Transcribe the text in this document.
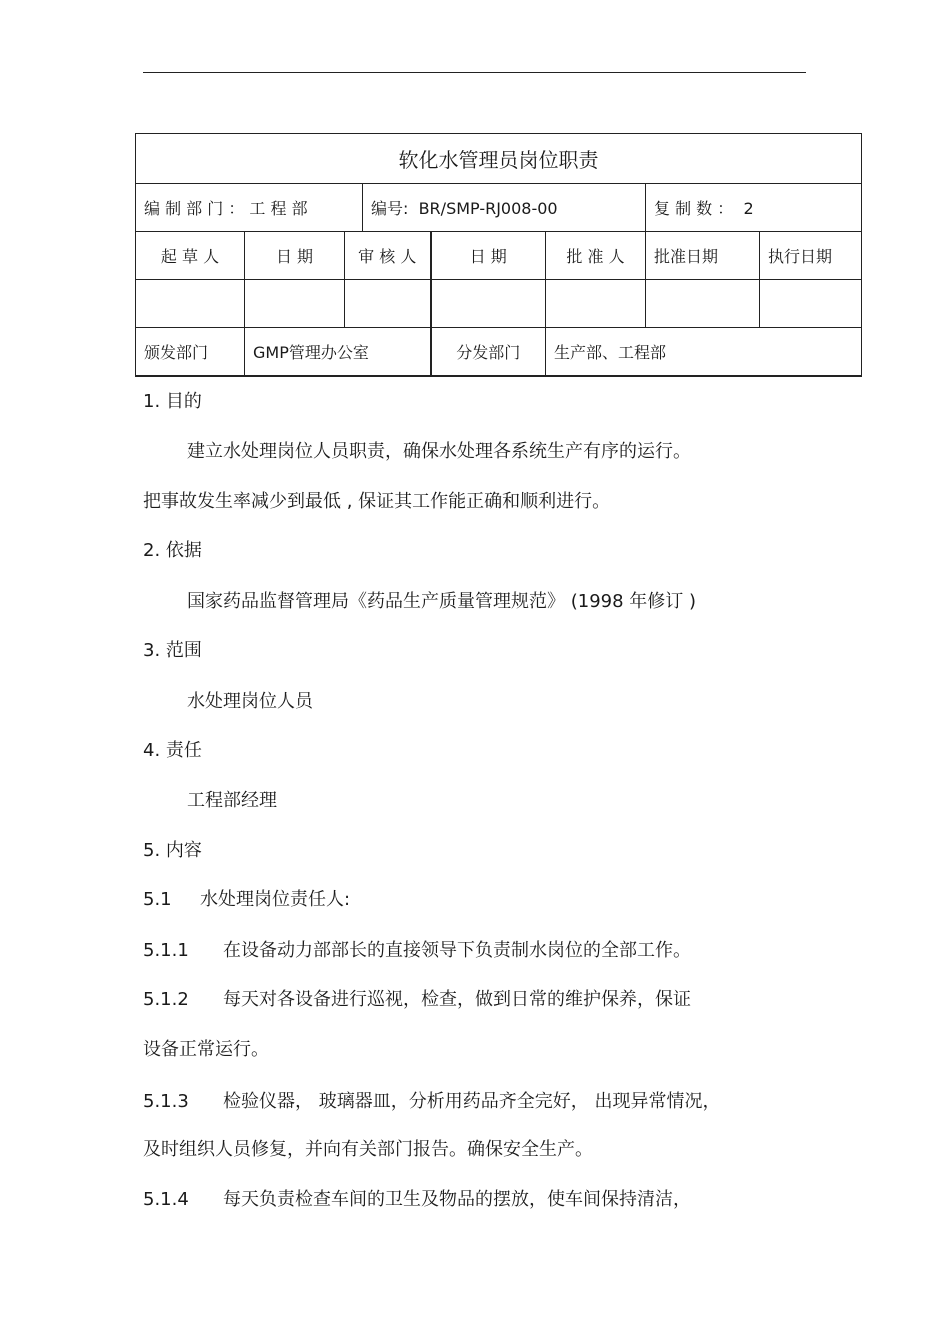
软化水管理员岗位职责							
编 制 部 门 ： 工 程 部			编号: BR/SMP-RJ008-00			复 制 数 ： 2	
起 草 人	日 期	审 核 人		日 期	批 准 人	批准日期	执行日期

颁发部门	GMP管理办公室			分发部门	生产部、工程部		
1. 目的
建立水处理岗位人员职责，确保水处理各系统生产有序的运行。
把事故发生率减少到最低 , 保证其工作能正确和顺利进行。
2. 依据
国家药品监督管理局《药品生产质量管理规范》 (1998 年修订 )
3. 范围
水处理岗位人员
4. 责任
工程部经理
5. 内容
5.1 水处理岗位责任人:
5.1.1 在设备动力部部长的直接领导下负责制水岗位的全部工作。
5.1.2 每天对各设备进行巡视，检查，做到日常的维护保养，保证
设备正常运行。
5.1.3 检验仪器， 玻璃器皿，分析用药品齐全完好， 出现异常情况，
及时组织人员修复，并向有关部门报告。确保安全生产。
5.1.4 每天负责检查车间的卫生及物品的摆放，使车间保持清洁，
